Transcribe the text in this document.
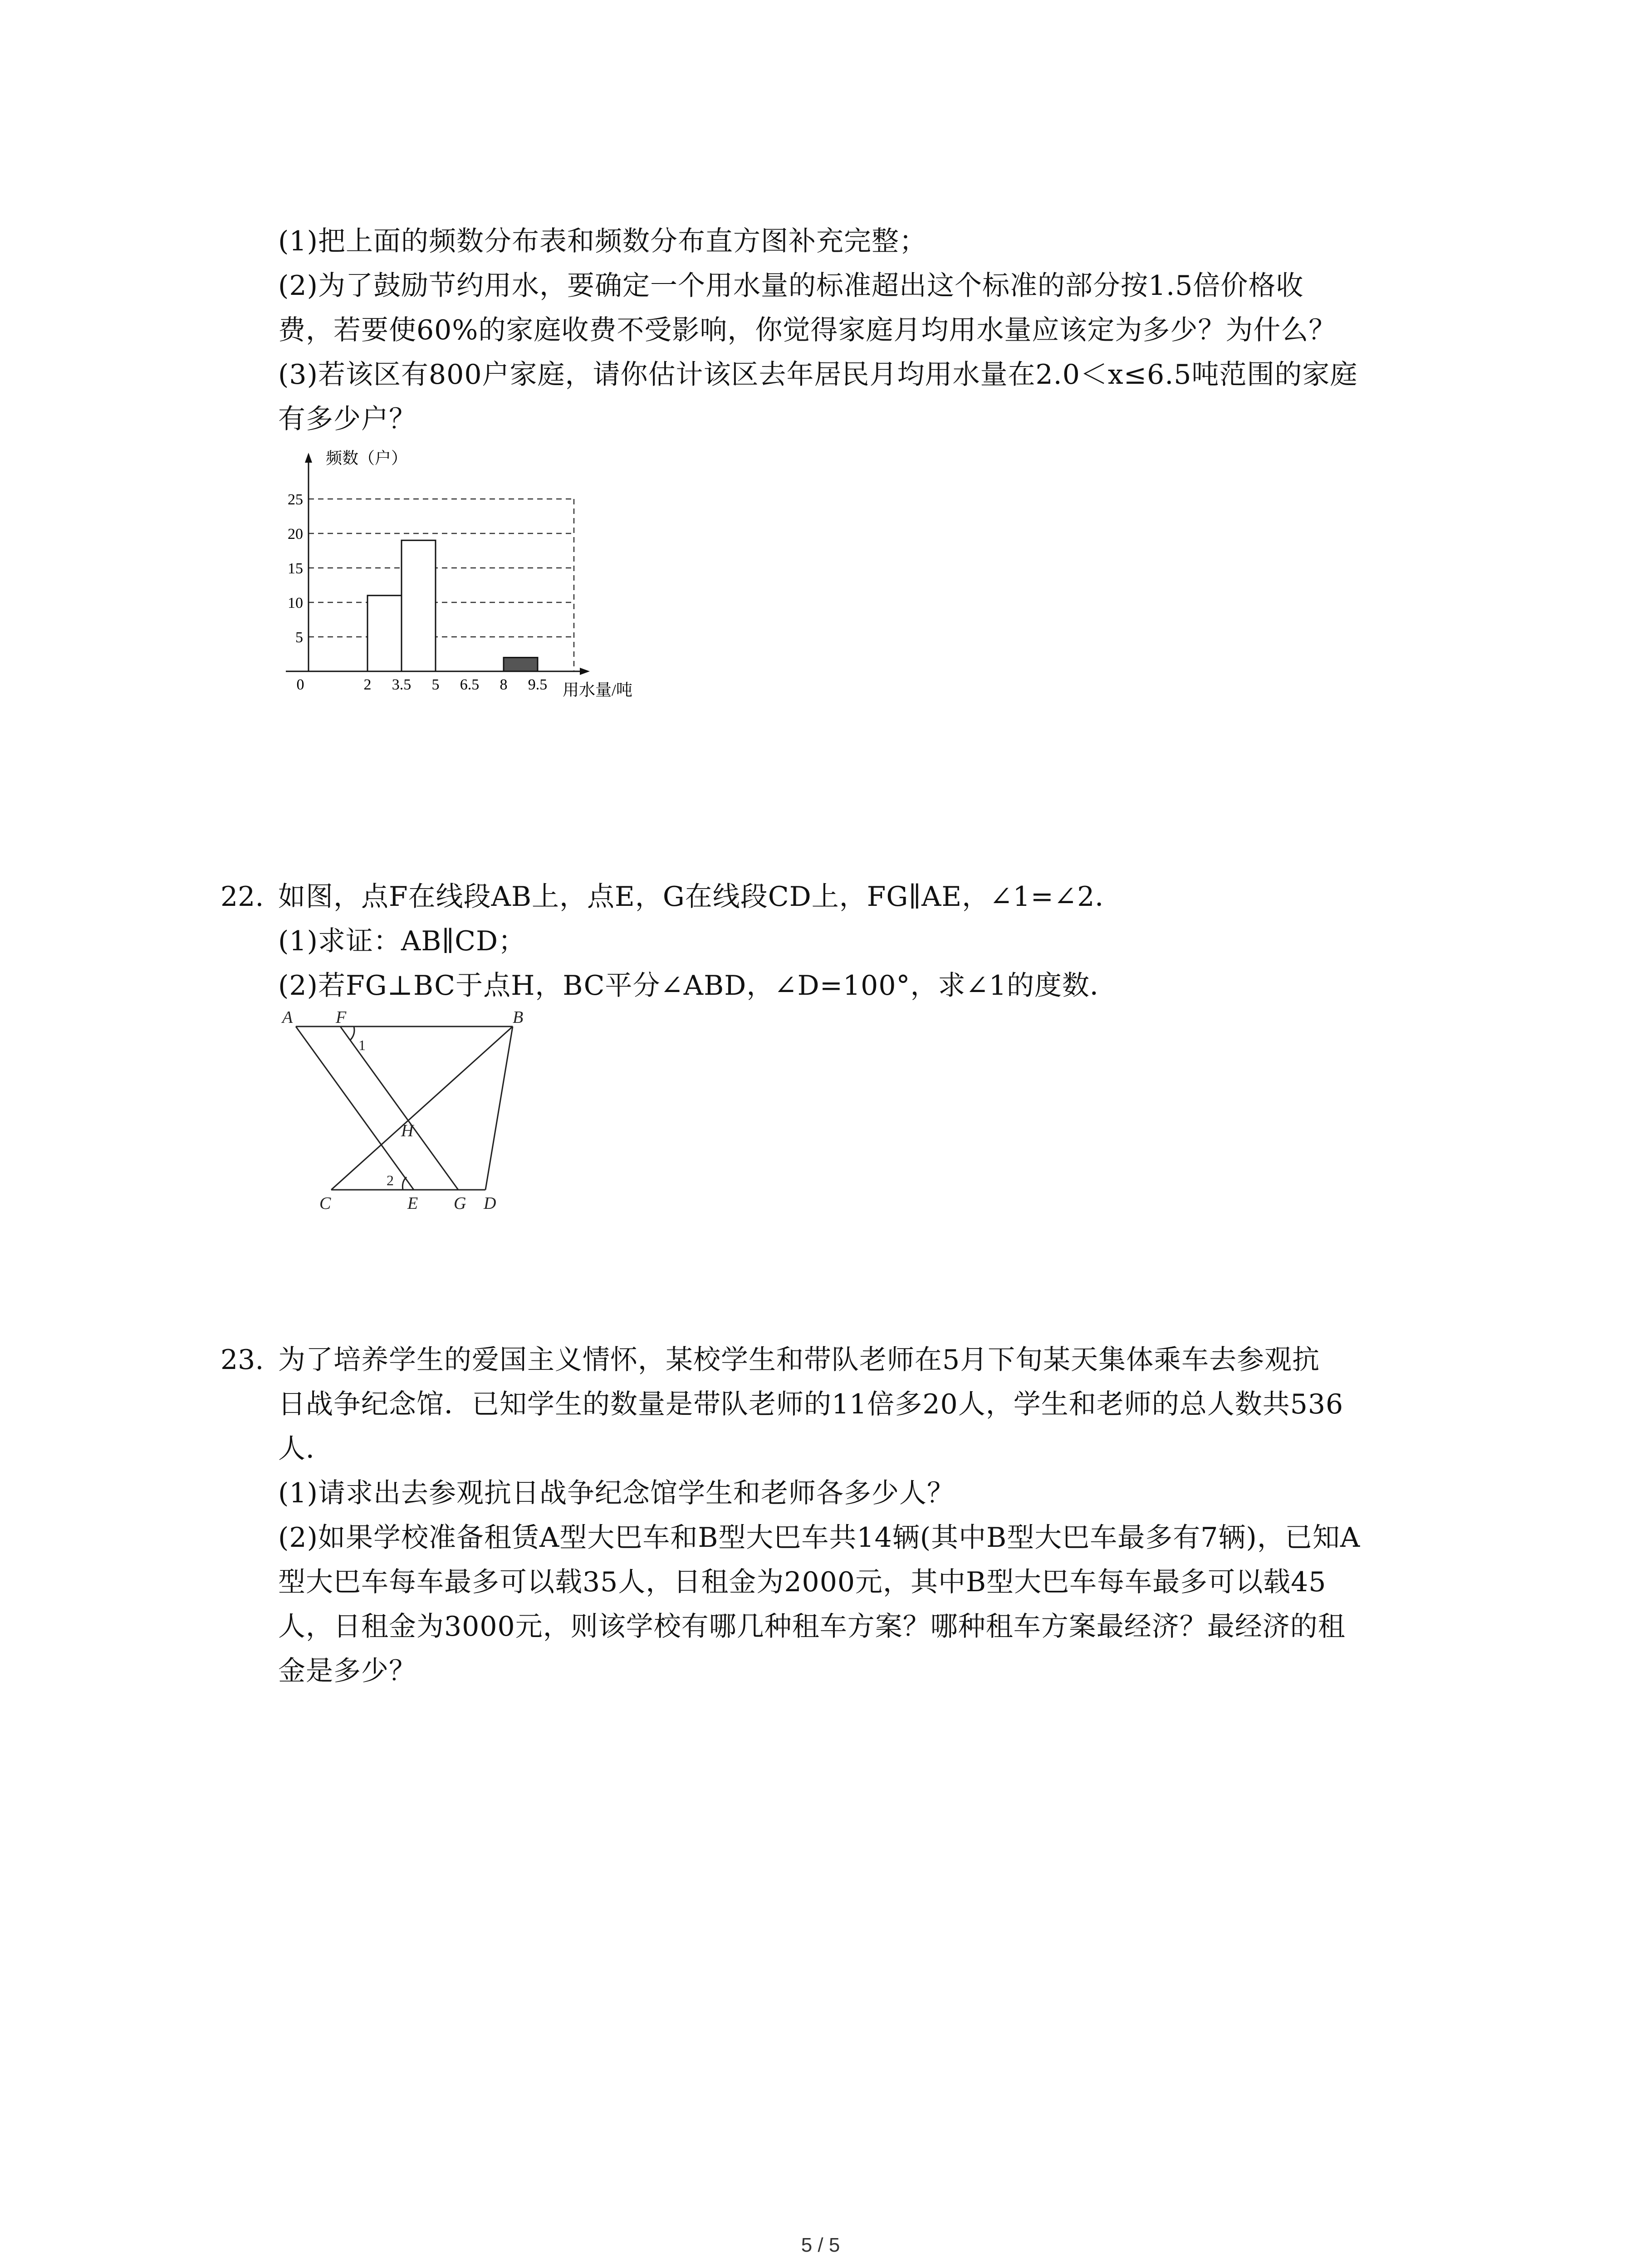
(1)把上面的频数分布表和频数分布直方图补充完整；
(2)为了鼓励节约用水，要确定一个用水量的标准超出这个标准的部分按1.5倍价格收
费，若要使60%的家庭收费不受影响，你觉得家庭月均用水量应该定为多少？为什么？
(3)若该区有800户家庭，请你估计该区去年居民月均用水量在2.0＜x≤6.5吨范围的家庭
有多少户？
频数（户）
用水量/吨
0
5
10
15
20
25
2 3.5 5 6.5 8 9.5
22. 如图，点F在线段AB上，点E，G在线段CD上，FG∥AE，∠1=∠2．
(1)求证：AB∥CD；
(2)若FG⊥BC于点H，BC平分∠ABD，∠D=100°，求∠1的度数．
A F	B
H
C	E G D
1
2
23. 为了培养学生的爱国主义情怀，某校学生和带队老师在5月下旬某天集体乘车去参观抗
日战争纪念馆．已知学生的数量是带队老师的11倍多20人，学生和老师的总人数共536
人．
(1)请求出去参观抗日战争纪念馆学生和老师各多少人？
(2)如果学校准备租赁A型大巴车和B型大巴车共14辆(其中B型大巴车最多有7辆)，已知A
型大巴车每车最多可以载35人，日租金为2000元，其中B型大巴车每车最多可以载45
人，日租金为3000元，则该学校有哪几种租车方案？哪种租车方案最经济？最经济的租
金是多少？
5 / 5
